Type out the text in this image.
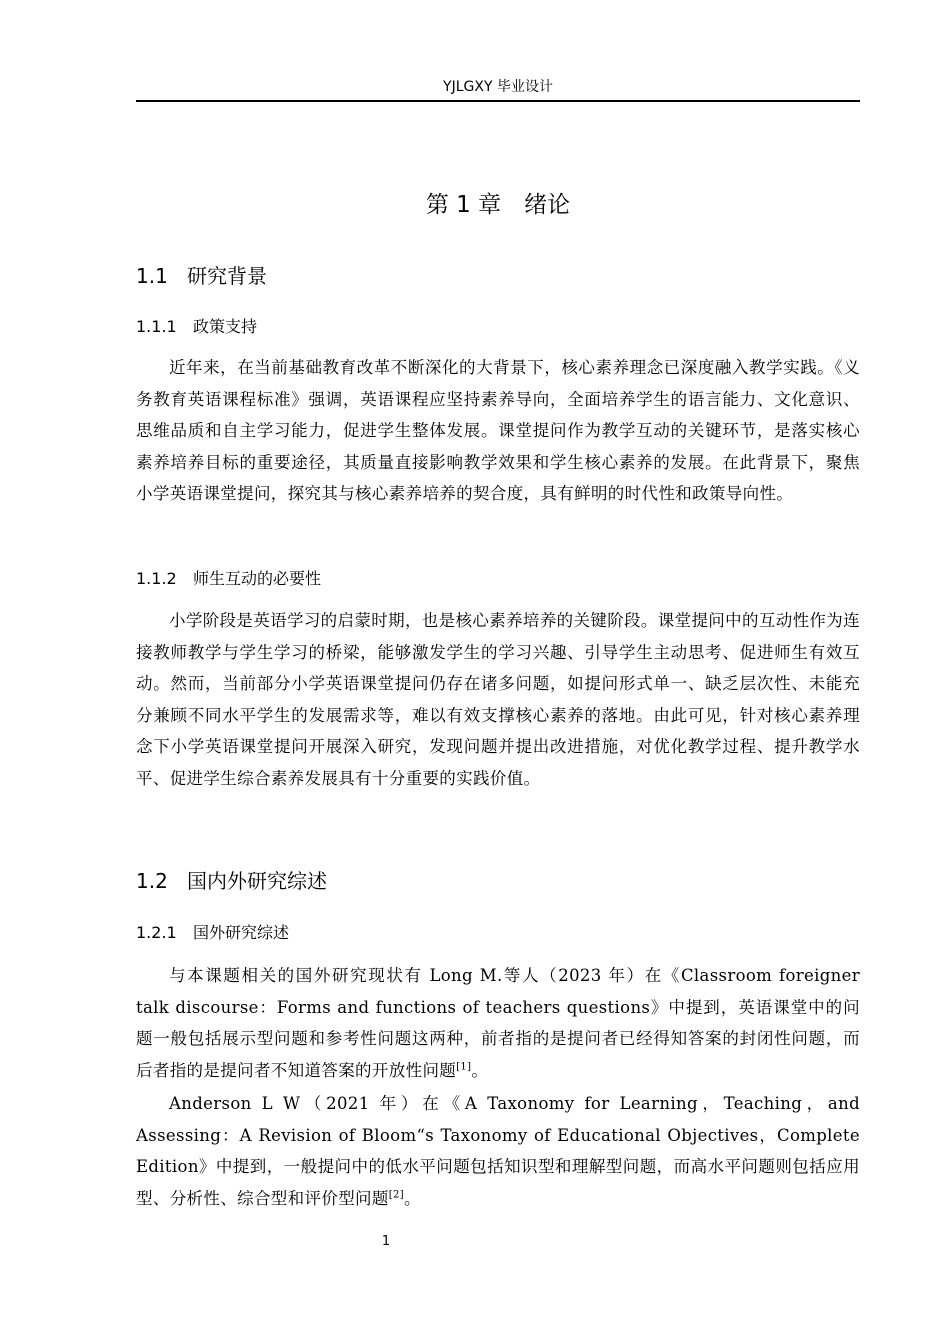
YJLGXY 毕业设计
第 1 章　绪论
1.1 研究背景
1.1.1 政策支持

近年来，在当前基础教育改革不断深化的大背景下，核心素养理念已深度融入教学实践。《义务教育英语课程标准》强调，英语课程应坚持素养导向，全面培养学生的语言能力、文化意识、思维品质和自主学习能力，促进学生整体发展。课堂提问作为教学互动的关键环节，是落实核心素养培养目标的重要途径，其质量直接影响教学效果和学生核心素养的发展。在此背景下，聚焦小学英语课堂提问，探究其与核心素养培养的契合度，具有鲜明的时代性和政策导向性。

1.1.2 师生互动的必要性

小学阶段是英语学习的启蒙时期，也是核心素养培养的关键阶段。课堂提问中的互动性作为连接教师教学与学生学习的桥梁，能够激发学生的学习兴趣、引导学生主动思考、促进师生有效互动。然而，当前部分小学英语课堂提问仍存在诸多问题，如提问形式单一、缺乏层次性、未能充分兼顾不同水平学生的发展需求等，难以有效支撑核心素养的落地。由此可见，针对核心素养理念下小学英语课堂提问开展深入研究，发现问题并提出改进措施，对优化教学过程、提升教学水平、促进学生综合素养发展具有十分重要的实践价值。

1.2 国内外研究综述
1.2.1 国外研究综述

与本课题相关的国外研究现状有 Long M.等人（2023 年）在《Classroom foreigner talk discourse：Forms and functions of teachers questions》中提到，英语课堂中的问题一般包括展示型问题和参考性问题这两种，前者指的是提问者已经得知答案的封闭性问题，而后者指的是提问者不知道答案的开放性问题[1]。

Anderson L W（2021 年）在《A Taxonomy for Learning，Teaching，and Assessing：A Revision of Bloom“s Taxonomy of Educational Objectives，Complete Edition》中提到，一般提问中的低水平问题包括知识型和理解型问题，而高水平问题则包括应用型、分析性、综合型和评价型问题[2]。

1
